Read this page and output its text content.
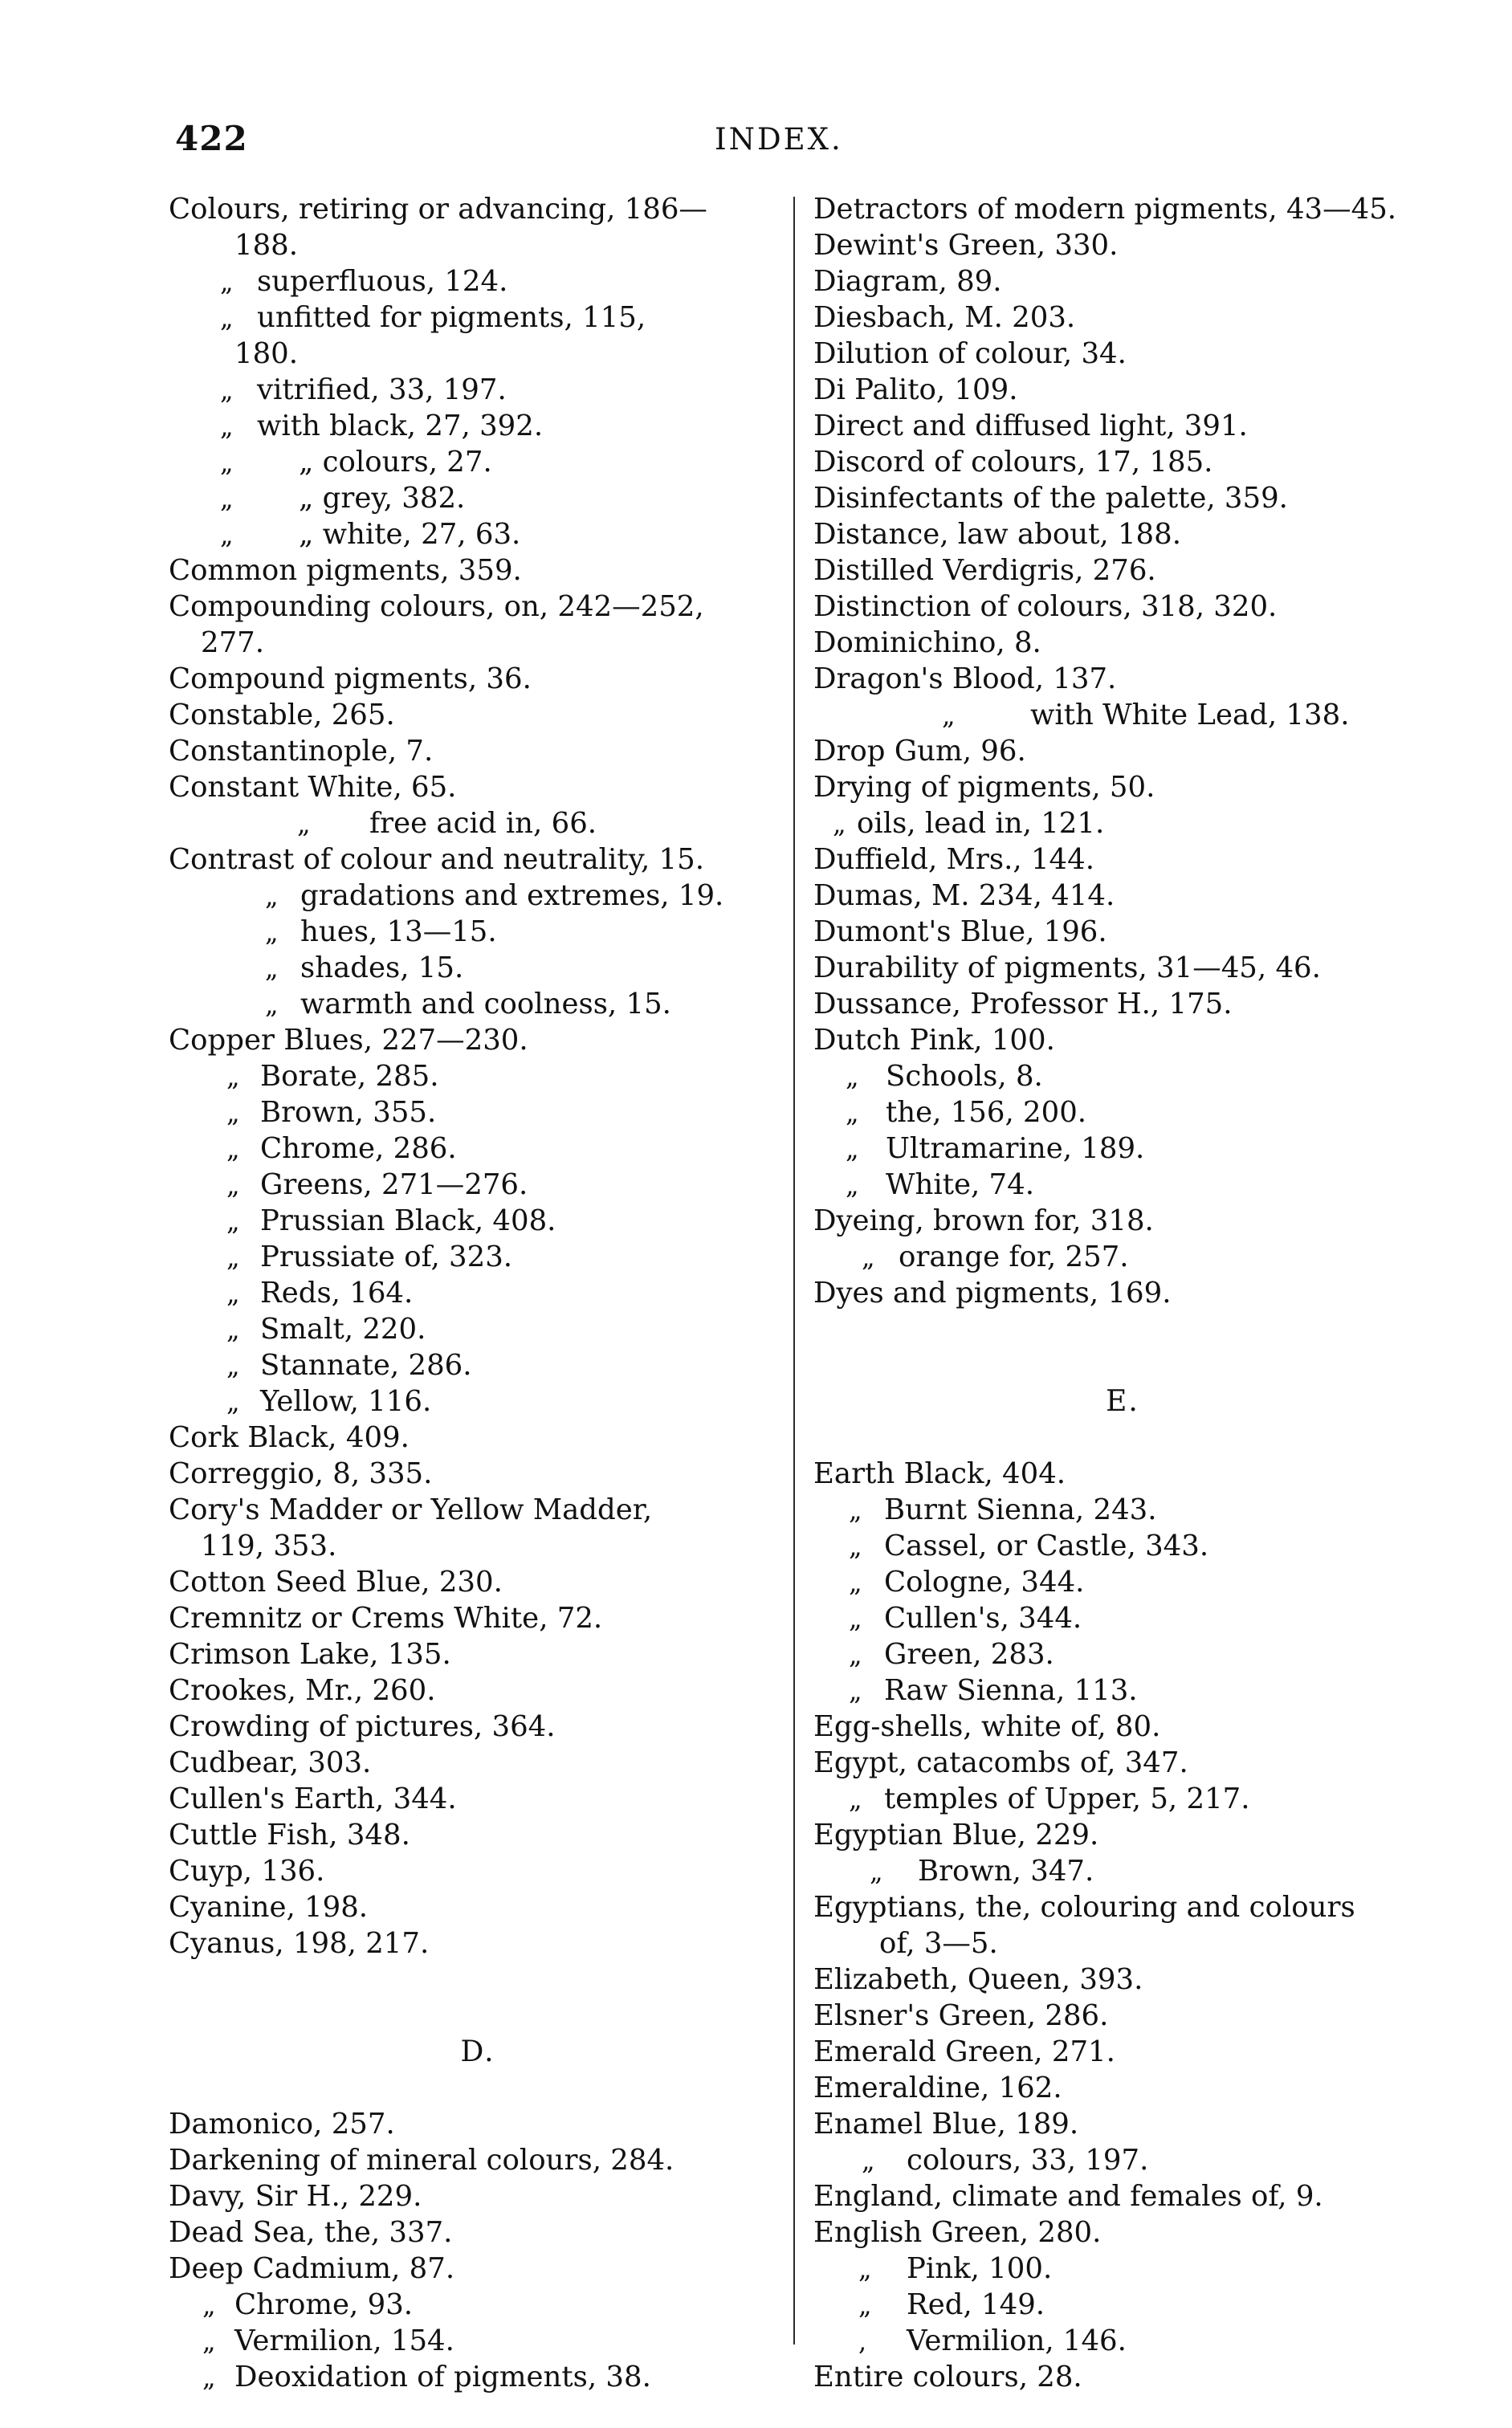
422	INDEX.
Colours, retiring or advancing, 186—
188.
„ superfluous, 124.
„ unfitted for pigments, 115,
180.
„ vitrified, 33, 197.
„ with black, 27, 392.
„ „ colours, 27.
„ „ grey, 382.
„ „ white, 27, 63.
Common pigments, 359.
Compounding colours, on, 242—252,
277.
Compound pigments, 36.
Constable, 265.
Constantinople, 7.
Constant White, 65.
„ free acid in, 66.
Contrast of colour and neutrality, 15.
„ gradations and extremes, 19.
„ hues, 13—15.
„ shades, 15.
„ warmth and coolness, 15.
Copper Blues, 227—230.
„ Borate, 285.
„ Brown, 355.
„ Chrome, 286.
„ Greens, 271—276.
„ Prussian Black, 408.
„ Prussiate of, 323.
„ Reds, 164.
„ Smalt, 220.
„ Stannate, 286.
„ Yellow, 116.
Cork Black, 409.
Correggio, 8, 335.
Cory's Madder or Yellow Madder,
119, 353.
Cotton Seed Blue, 230.
Cremnitz or Crems White, 72.
Crimson Lake, 135.
Crookes, Mr., 260.
Crowding of pictures, 364.
Cudbear, 303.
Cullen's Earth, 344.
Cuttle Fish, 348.
Cuyp, 136.
Cyanine, 198.
Cyanus, 198, 217.
D.
Damonico, 257.
Darkening of mineral colours, 284.
Davy, Sir H., 229.
Dead Sea, the, 337.
Deep Cadmium, 87.
„ Chrome, 93.
„ Vermilion, 154.
„ Deoxidation of pigments, 38.
Detractors of modern pigments, 43—45.
Dewint's Green, 330.
Diagram, 89.
Diesbach, M. 203.
Dilution of colour, 34.
Di Palito, 109.
Direct and diffused light, 391.
Discord of colours, 17, 185.
Disinfectants of the palette, 359.
Distance, law about, 188.
Distilled Verdigris, 276.
Distinction of colours, 318, 320.
Dominichino, 8.
Dragon's Blood, 137.
„	with White Lead, 138.
Drop Gum, 96.
Drying of pigments, 50.
„ oils, lead in, 121.
Duffield, Mrs., 144.
Dumas, M. 234, 414.
Dumont's Blue, 196.
Durability of pigments, 31—45, 46.
Dussance, Professor H., 175.
Dutch Pink, 100.
„ Schools, 8.
„ the, 156, 200.
„ Ultramarine, 189.
„ White, 74.
Dyeing, brown for, 318.
„ orange for, 257.
Dyes and pigments, 169.
E.
Earth Black, 404.
„ Burnt Sienna, 243.
„ Cassel, or Castle, 343.
„ Cologne, 344.
„ Cullen's, 344.
„ Green, 283.
„ Raw Sienna, 113.
Egg-shells, white of, 80.
Egypt, catacombs of, 347.
„ temples of Upper, 5, 217.
Egyptian Blue, 229.
„ Brown, 347.
Egyptians, the, colouring and colours
of, 3—5.
Elizabeth, Queen, 393.
Elsner's Green, 286.
Emerald Green, 271.
Emeraldine, 162.
Enamel Blue, 189.
„ colours, 33, 197.
England, climate and females of, 9.
English Green, 280.
„ Pink, 100.
„ Red, 149.
, Vermilion, 146.
Entire colours, 28.
